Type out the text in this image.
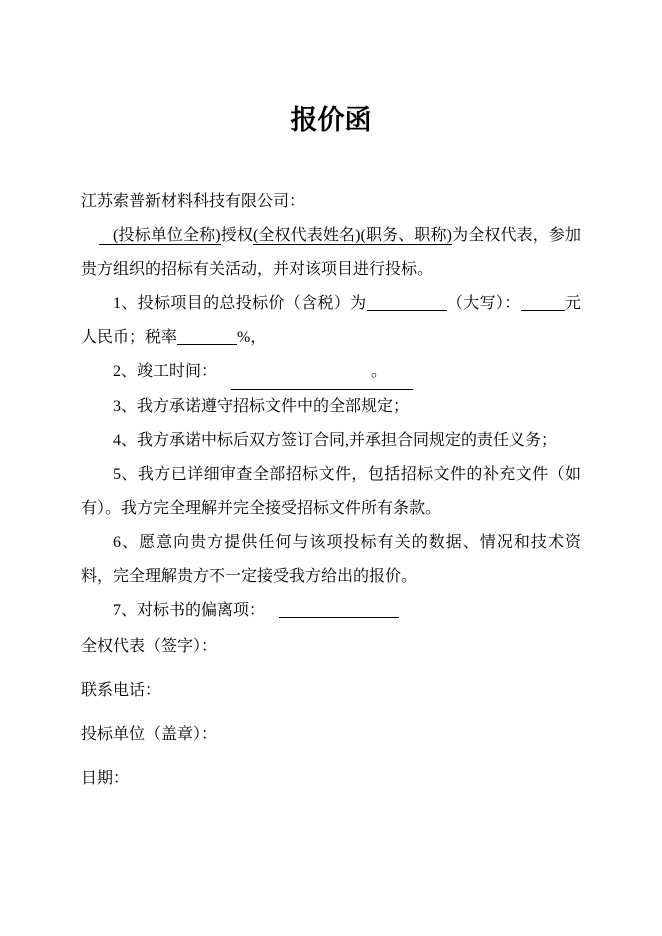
报价函

江苏索普新材料科技有限公司：

(投标单位全称)授权(全权代表姓名)(职务、职称)为全权代表，参加贵方组织的招标有关活动，并对该项目进行投标。

1、投标项目的总投标价（含税）为	（大写）：	元人民币；税率	%，

2、竣工时间：	。

3、我方承诺遵守招标文件中的全部规定；

4、我方承诺中标后双方签订合同,并承担合同规定的责任义务；

5、我方已详细审查全部招标文件，包括招标文件的补充文件（如有）。我方完全理解并完全接受招标文件所有条款。

6、愿意向贵方提供任何与该项投标有关的数据、情况和技术资料，完全理解贵方不一定接受我方给出的报价。

7、对标书的偏离项：

全权代表（签字）：

联系电话：

投标单位（盖章）：

日期：
